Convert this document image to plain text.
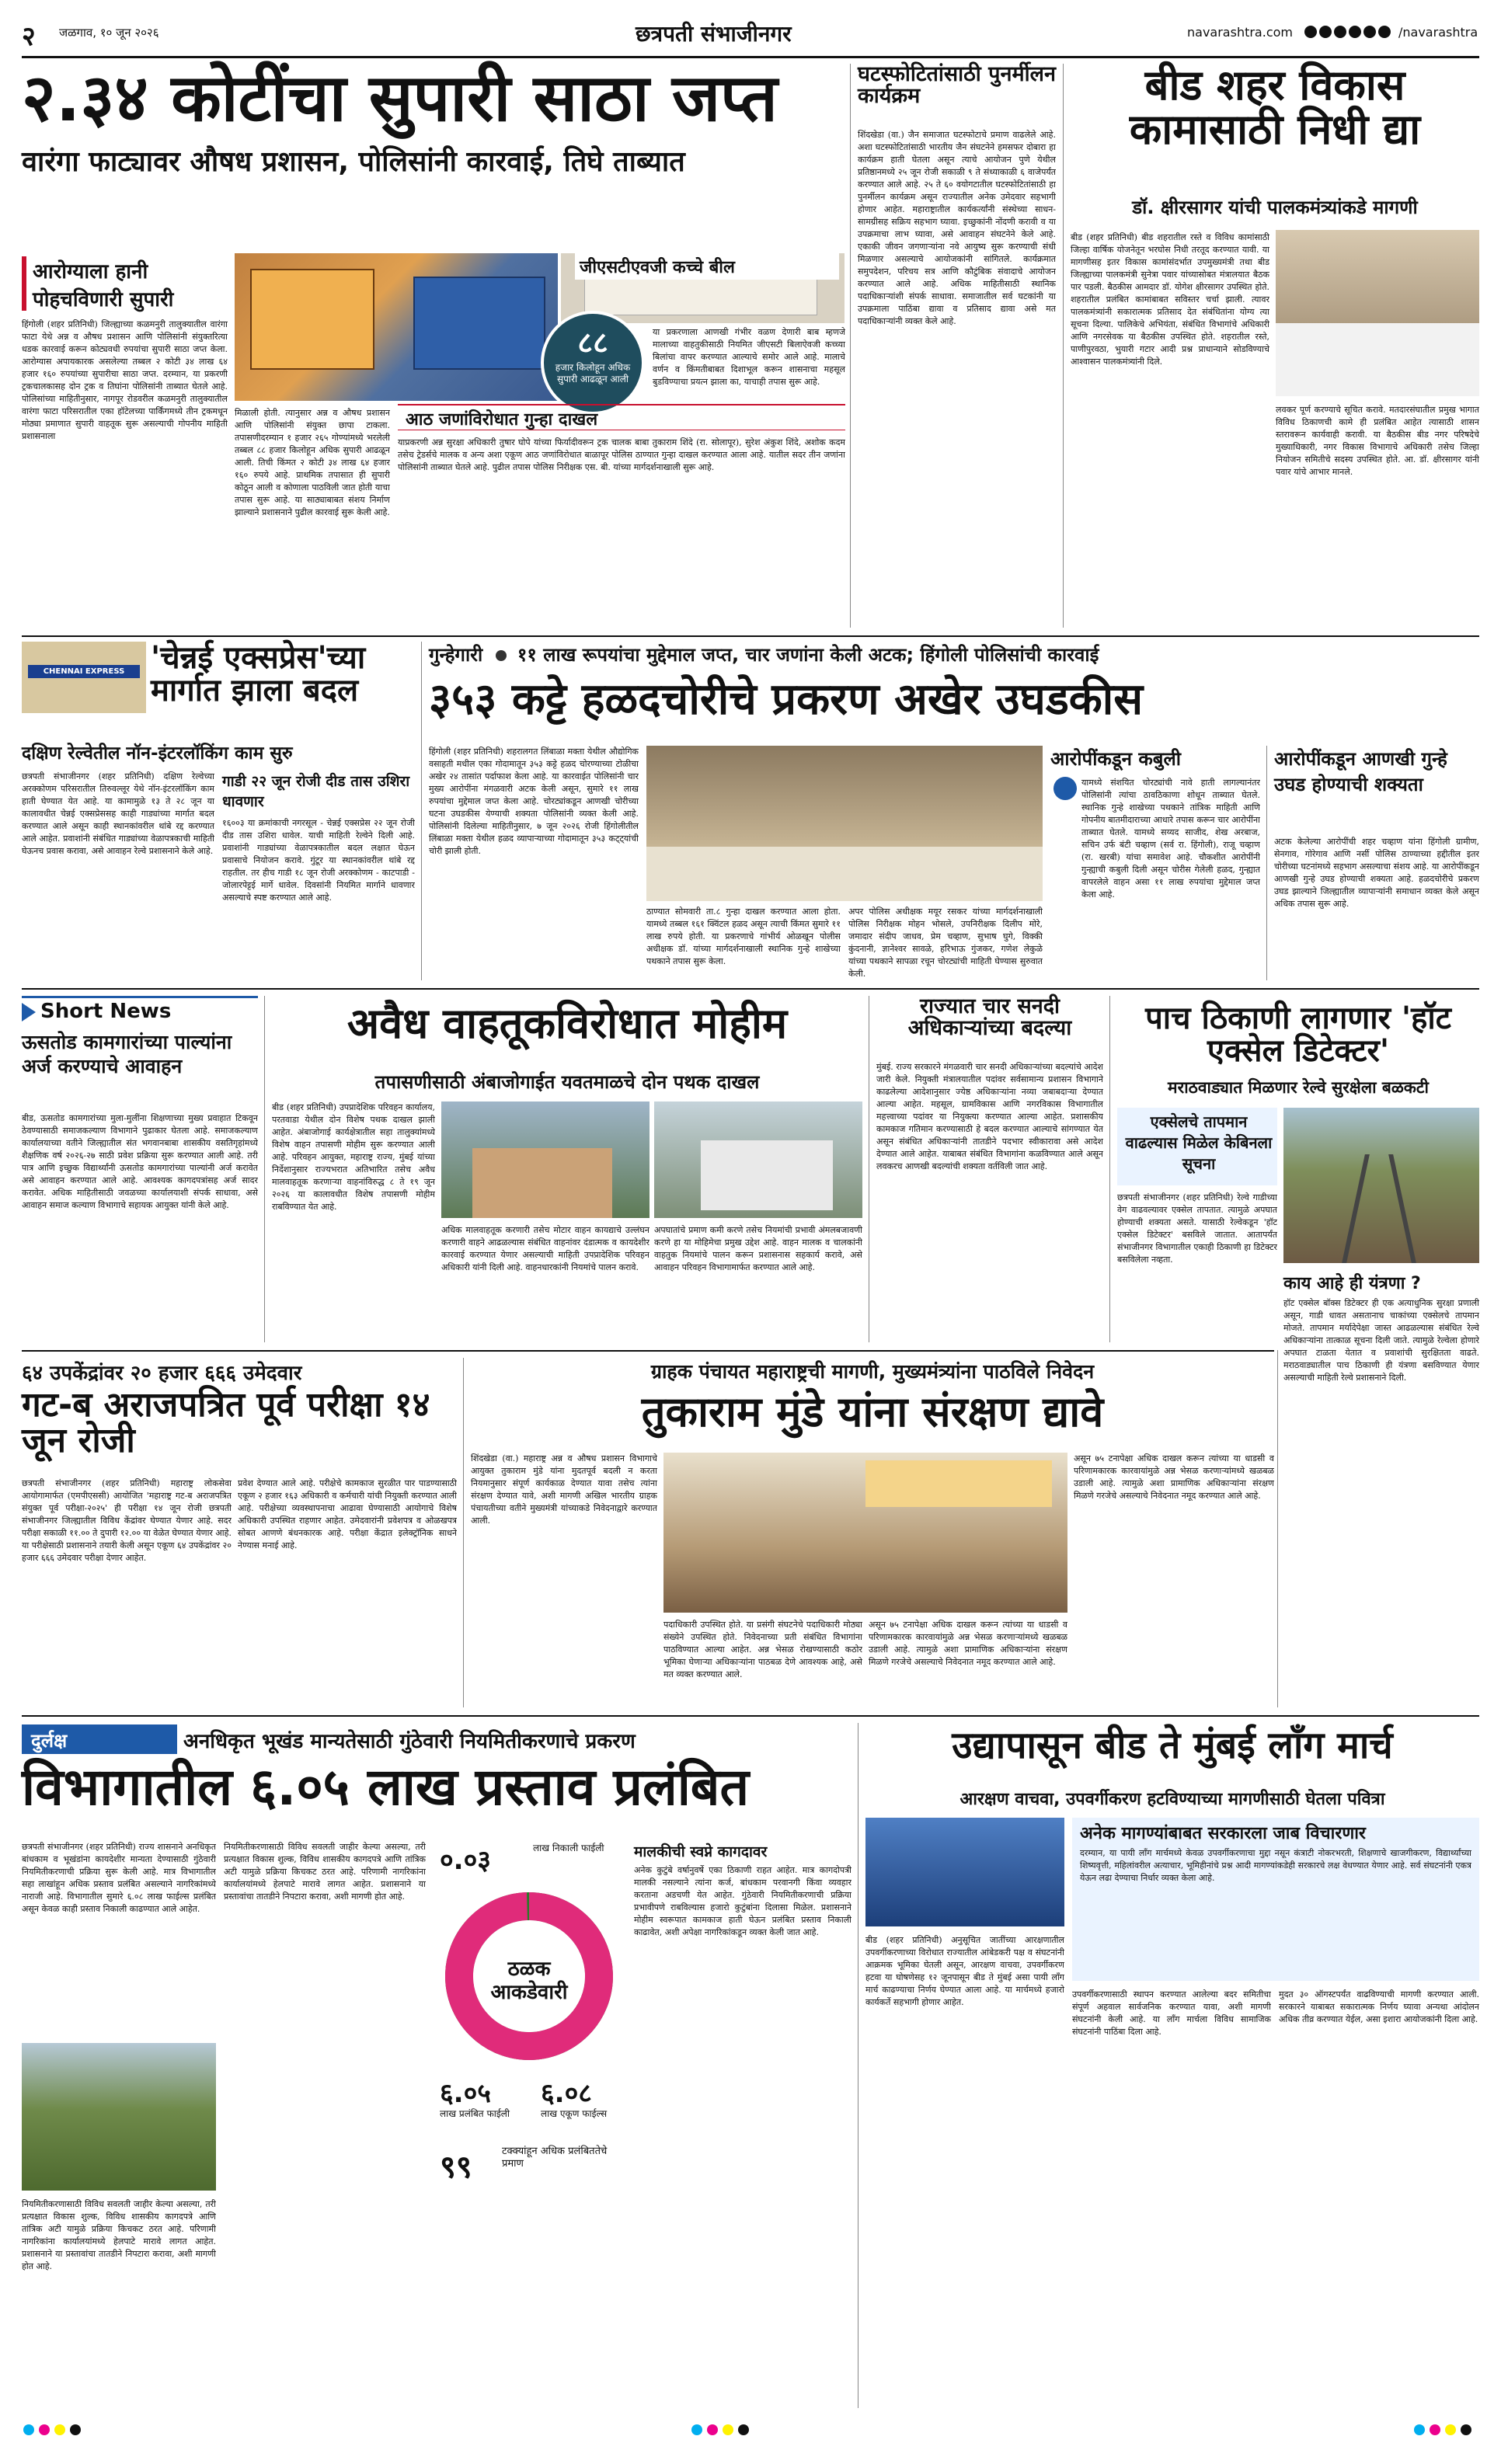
२ जळगाव, १० जून २०२६	छत्रपती संभाजीनगर	navarashtra.com	/navarashtra
२.३४ कोटींचा सुपारी साठा जप्त
वारंगा फाट्यावर औषध प्रशासन, पोलिसांनी कारवाई, तिघे ताब्यात
आरोग्याला हानी
पोहचविणारी सुपारी
हिंगोली (शहर प्रतिनिधी) जिल्ह्याच्या कळमनुरी तालुक्यातील वारंगा फाटा येथे अन्न व औषध प्रशासन आणि पोलिसांनी संयुक्तरित्या धडक कारवाई करून कोट्यवधी रुपयांचा सुपारी साठा जप्त केला. आरोग्यास अपायकारक असलेल्या तब्बल २ कोटी ३४ लाख ६४ हजार १६० रुपयांच्या सुपारीचा साठा जप्त. दरम्यान, या प्रकरणी ट्रकचालकासह दोन ट्रक व तिघांना पोलिसांनी ताब्यात घेतले आहे. पोलिसांच्या माहितीनुसार, नागपूर रोडवरील कळमनुरी तालुक्यातील वारंगा फाटा परिसरातील एका हॉटेलच्या पार्किंगमध्ये तीन ट्रकमधून मोठ्या प्रमाणात सुपारी वाहतूक सुरू असल्याची गोपनीय माहिती प्रशासनाला
जीएसटीएवजी कच्चे बील
८८
हजार किलोहून अधिक सुपारी आढळून आली
मिळाली होती. त्यानुसार अन्न व औषध प्रशासन आणि पोलिसांनी संयुक्त छापा टाकला. तपासणीदरम्यान १ हजार २६५ गोण्यांमध्ये भरलेली तब्बल ८८ हजार किलोहून अधिक सुपारी आढळून आली. तिची किंमत २ कोटी ३४ लाख ६४ हजार १६० रुपये आहे. प्राथमिक तपासात ही सुपारी कोठून आली व कोणाला पाठविली जात होती याचा तपास सुरू आहे. या साठ्याबाबत संशय निर्माण झाल्याने प्रशासनाने पुढील कारवाई सुरू केली आहे.
या प्रकरणाला आणखी गंभीर वळण देणारी बाब म्हणजे मालाच्या वाहतुकीसाठी नियमित जीएसटी बिलाऐवजी कच्च्या बिलांचा वापर करण्यात आल्याचे समोर आले आहे. मालाचे वर्णन व किंमतीबाबत दिशाभूल करून शासनाचा महसूल बुडविण्याचा प्रयत्न झाला का, याचाही तपास सुरू आहे.
आठ जणांविरोधात गुन्हा दाखल
याप्रकरणी अन्न सुरक्षा अधिकारी तुषार घोपे यांच्या फिर्यादीवरून ट्रक चालक बाबा तुकाराम शिंदे (रा. सोलापूर), सुरेश अंकुश शिंदे, अशोक कदम तसेच ट्रेडर्सचे मालक व अन्य अशा एकूण आठ जणांविरोधात बाळापूर पोलिस ठाण्यात गुन्हा दाखल करण्यात आला आहे. यातील सदर तीन जणांना पोलिसांनी ताब्यात घेतले आहे. पुढील तपास पोलिस निरीक्षक एस. बी. यांच्या मार्गदर्शनाखाली सुरू आहे.
घटस्फोटितांसाठी पुनर्मीलन कार्यक्रम
शिंदखेडा (वा.) जैन समाजात घटस्फोटाचे प्रमाण वाढलेले आहे. अशा घटस्फोटितांसाठी भारतीय जैन संघटनेने हमसफर दोबारा हा कार्यक्रम हाती घेतला असून त्याचे आयोजन पुणे येथील प्रतिष्ठानमध्ये २५ जून रोजी सकाळी ९ ते संध्याकाळी ६ वाजेपर्यंत करण्यात आले आहे. २५ ते ६० वयोगटातील घटस्फोटितांसाठी हा पुनर्मीलन कार्यक्रम असून राज्यातील अनेक उमेदवार सहभागी होणार आहेत. महाराष्ट्रातील कार्यकर्त्यांनी संस्थेच्या साधन-सामग्रीसह सक्रिय सहभाग घ्यावा. इच्छुकांनी नोंदणी करावी व या उपक्रमाचा लाभ घ्यावा, असे आवाहन संघटनेने केले आहे. एकाकी जीवन जगणाऱ्यांना नवे आयुष्य सुरू करण्याची संधी मिळणार असल्याचे आयोजकांनी सांगितले. कार्यक्रमात समुपदेशन, परिचय सत्र आणि कौटुंबिक संवादाचे आयोजन करण्यात आले आहे. अधिक माहितीसाठी स्थानिक पदाधिकाऱ्यांशी संपर्क साधावा. समाजातील सर्व घटकांनी या उपक्रमाला पाठिंबा द्यावा व प्रतिसाद द्यावा असे मत पदाधिकाऱ्यांनी व्यक्त केले आहे.
बीड शहर विकास कामासाठी निधी द्या
डॉ. क्षीरसागर यांची पालकमंत्र्यांकडे मागणी
बीड (शहर प्रतिनिधी) बीड शहरातील रस्ते व विविध कामांसाठी जिल्हा वार्षिक योजनेतून भरघोस निधी तरतूद करण्यात यावी. या मागणीसह इतर विकास कामांसंदर्भात उपमुख्यमंत्री तथा बीड जिल्ह्याच्या पालकमंत्री सुनेत्रा पवार यांच्यासोबत मंत्रालयात बैठक पार पडली. बैठकीस आमदार डॉ. योगेश क्षीरसागर उपस्थित होते. शहरातील प्रलंबित कामांबाबत सविस्तर चर्चा झाली. त्यावर पालकमंत्र्यांनी सकारात्मक प्रतिसाद देत संबंधितांना योग्य त्या सूचना दिल्या. पालिकेचे अभियंता, संबंधित विभागांचे अधिकारी आणि नगरसेवक या बैठकीस उपस्थित होते. शहरातील रस्ते, पाणीपुरवठा, भुयारी गटार आदी प्रश्न प्राधान्याने सोडविण्याचे आश्वासन पालकमंत्र्यांनी दिले.
लवकर पूर्ण करण्याचे सूचित करावे. मतदारसंघातील प्रमुख भागात विविध ठिकाणची कामे ही प्रलंबित आहेत त्यासाठी शासन स्तरावरून कार्यवाही करावी. या बैठकीस बीड नगर परिषदेचे मुख्याधिकारी, नगर विकास विभागाचे अधिकारी तसेच जिल्हा नियोजन समितीचे सदस्य उपस्थित होते. आ. डॉ. क्षीरसागर यांनी पवार यांचे आभार मानले.
CHENNAI EXPRESS 'चेन्नई एक्सप्रेस'च्या मार्गात झाला बदल
दक्षिण रेल्वेतील नॉन-इंटरलॉकिंग काम सुरु
छत्रपती संभाजीनगर (शहर प्रतिनिधी) दक्षिण रेल्वेच्या अरक्कोणम परिसरातील तिरुवल्लूर येथे नॉन-इंटरलॉकिंग काम हाती घेण्यात येत आहे. या कामामुळे १३ ते २८ जून या कालावधीत चेन्नई एक्सप्रेससह काही गाड्यांच्या मार्गात बदल करण्यात आले असून काही स्थानकांवरील थांबे रद्द करण्यात आले आहेत. प्रवाशांनी संबंधित गाड्यांच्या वेळापत्रकाची माहिती घेऊनच प्रवास करावा, असे आवाहन रेल्वे प्रशासनाने केले आहे.
गाडी २२ जून रोजी दीड तास उशिरा धावणार
१६००३ या क्रमांकाची नगरसूल - चेन्नई एक्सप्रेस २२ जून रोजी दीड तास उशिरा धावेल. याची माहिती रेल्वेने दिली आहे. प्रवाशांनी गाड्यांच्या वेळापत्रकातील बदल लक्षात घेऊन प्रवासाचे नियोजन करावे. गुंटूर या स्थानकांवरील थांबे रद्द राहतील. तर हीच गाडी १८ जून रोजी अरक्कोणम - काटपाडी - जोलारपेट्टई मार्गे धावेल. दिवसांनी नियमित मार्गाने धावणार असल्याचे स्पष्ट करण्यात आले आहे.
गुन्हेगारी ११ लाख रूपयांचा मुद्देमाल जप्त, चार जणांना केली अटक; हिंगोली पोलिसांची कारवाई
३५३ कट्टे हळदचोरीचे प्रकरण अखेर उघडकीस
हिंगोली (शहर प्रतिनिधी) शहरालगत लिंबाळा मक्ता येथील औद्योगिक वसाहती मधील एका गोदामातून ३५३ कट्टे हळद चोरण्याच्या टोळीचा अखेर २४ तासांत पर्दाफाश केला आहे. या कारवाईत पोलिसांनी चार मुख्य आरोपींना मंगळवारी अटक केली असून, सुमारे ११ लाख रुपयांचा मुद्देमाल जप्त केला आहे. चोरट्यांकडून आणखी चोरीच्या घटना उघडकीस येण्याची शक्यता पोलिसांनी व्यक्त केली आहे. पोलिसांनी दिलेल्या माहितीनुसार, ७ जून २०२६ रोजी हिंगोलीतील लिंबाळा मक्ता येथील हळद व्यापाऱ्याच्या गोदामातून ३५३ कट्ट्यांची चोरी झाली होती.
ठाण्यात सोमवारी ता.८ गुन्हा दाखल करण्यात आला होता. यामध्ये तब्बल १६१ क्विंटल हळद असून त्याची किंमत सुमारे ११ लाख रुपये होती. या प्रकरणाचे गांभीर्य ओळखून पोलीस अधीक्षक डॉ. यांच्या मार्गदर्शनाखाली स्थानिक गुन्हे शाखेच्या पथकाने तपास सुरू केला.
अपर पोलिस अधीक्षक मयूर रसकर यांच्या मार्गदर्शनाखाली पोलिस निरीक्षक मोहन भोसले, उपनिरीक्षक दिलीप मोरे, जमादार संदीप जाधव, प्रेम चव्हाण, सुभाष घुगे, विक्की कुंदनानी, ज्ञानेश्वर सावळे, हरिभाऊ गुंजकर, गणेश लेकुळे यांच्या पथकाने सापळा रचून चोरट्यांची माहिती घेण्यास सुरुवात केली.
आरोपींकडून कबुली
यामध्ये संशयित चोरट्यांची नावे हाती लागल्यानंतर पोलिसांनी त्यांचा ठावठिकाणा शोधून ताब्यात घेतले. स्थानिक गुन्हे शाखेच्या पथकाने तांत्रिक माहिती आणि गोपनीय बातमीदाराच्या आधारे तपास करून चार आरोपींना ताब्यात घेतले. यामध्ये सय्यद साजीद, शेख अरबाज, सचिन उर्फ बंटी चव्हाण (सर्व रा. हिंगोली), राजू चव्हाण (रा. खरबी) यांचा समावेश आहे. चौकशीत आरोपींनी गुन्ह्याची कबुली दिली असून चोरीस गेलेली हळद, गुन्ह्यात वापरलेले वाहन असा ११ लाख रुपयांचा मुद्देमाल जप्त केला आहे.
आरोपींकडून आणखी गुन्हे उघड होण्याची शक्यता
अटक केलेल्या आरोपींची शहर चव्हाण यांना हिंगोली ग्रामीण, सेनगाव, गोरेगाव आणि नर्सी पोलिस ठाण्याच्या हद्दीतील इतर चोरीच्या घटनांमध्ये सहभाग असल्याचा संशय आहे. या आरोपींकडून आणखी गुन्हे उघड होण्याची शक्यता आहे. हळदचोरीचे प्रकरण उघड झाल्याने जिल्ह्यातील व्यापाऱ्यांनी समाधान व्यक्त केले असून अधिक तपास सुरू आहे.
Short News
ऊसतोड कामगारांच्या पाल्यांना अर्ज करण्याचे आवाहन
बीड, ऊसतोड कामगारांच्या मुला-मुलींना शिक्षणाच्या मुख्य प्रवाहात टिकवून ठेवण्यासाठी समाजकल्याण विभागाने पुढाकार घेतला आहे. समाजकल्याण कार्यालयाच्या वतीने जिल्ह्यातील संत भगवानबाबा शासकीय वसतिगृहांमध्ये शैक्षणिक वर्ष २०२६-२७ साठी प्रवेश प्रक्रिया सुरू करण्यात आली आहे. तरी पात्र आणि इच्छुक विद्यार्थ्यांनी ऊसतोड कामगारांच्या पाल्यांनी अर्ज करावेत असे आवाहन करण्यात आले आहे. आवश्यक कागदपत्रांसह अर्ज सादर करावेत. अधिक माहितीसाठी जवळच्या कार्यालयाशी संपर्क साधावा, असे आवाहन समाज कल्याण विभागाचे सहायक आयुक्त यांनी केले आहे.
अवैध वाहतूकविरोधात मोहीम
तपासणीसाठी अंबाजोगाईत यवतमाळचे दोन पथक दाखल
बीड (शहर प्रतिनिधी) उपप्रादेशिक परिवहन कार्यालय, परतवाडा येथील दोन विशेष पथक दाखल झाली आहेत. अंबाजोगाई कार्यक्षेत्रातील सहा तालुक्यांमध्ये विशेष वाहन तपासणी मोहीम सुरू करण्यात आली आहे. परिवहन आयुक्त, महाराष्ट्र राज्य, मुंबई यांच्या निर्देशानुसार राज्यभरात अतिभारित तसेच अवैध मालवाहतूक करणाऱ्या वाहनांविरुद्ध ८ ते १९ जून २०२६ या कालावधीत विशेष तपासणी मोहीम राबविण्यात येत आहे.
अधिक मालवाहतूक करणारी तसेच मोटार वाहन कायद्याचे उल्लंघन करणारी वाहने आढळल्यास संबंधित वाहनांवर दंडात्मक व कायदेशीर कारवाई करण्यात येणार असल्याची माहिती उपप्रादेशिक परिवहन अधिकारी यांनी दिली आहे. वाहनधारकांनी नियमांचे पालन करावे.
अपघातांचे प्रमाण कमी करणे तसेच नियमांची प्रभावी अंमलबजावणी करणे हा या मोहिमेचा प्रमुख उद्देश आहे. वाहन मालक व चालकांनी वाहतुक नियमांचे पालन करून प्रशासनास सहकार्य करावे, असे आवाहन परिवहन विभागामार्फत करण्यात आले आहे.
राज्यात चार सनदी अधिकाऱ्यांच्या बदल्या
मुंबई. राज्य सरकारने मंगळवारी चार सनदी अधिकाऱ्यांच्या बदल्यांचे आदेश जारी केले. नियुक्ती मंत्रालयातील पदांवर सर्वसामान्य प्रशासन विभागाने काढलेल्या आदेशानुसार ज्येष्ठ अधिकाऱ्यांना नव्या जबाबदाऱ्या देण्यात आल्या आहेत. महसूल, ग्रामविकास आणि नगरविकास विभागातील महत्त्वाच्या पदांवर या नियुक्त्या करण्यात आल्या आहेत. प्रशासकीय कामकाज गतिमान करण्यासाठी हे बदल करण्यात आल्याचे सांगण्यात येत असून संबंधित अधिकाऱ्यांनी तातडीने पदभार स्वीकारावा असे आदेश देण्यात आले आहेत. याबाबत संबंधित विभागांना कळविण्यात आले असून लवकरच आणखी बदल्यांची शक्यता वर्तविली जात आहे.
पाच ठिकाणी लागणार 'हॉट एक्सेल डिटेक्टर'
मराठवाड्यात मिळणार रेल्वे सुरक्षेला बळकटी
एक्सेलचे तापमान वाढल्यास मिळेल केबिनला सूचना
छत्रपती संभाजीनगर (शहर प्रतिनिधी) रेल्वे गाडीच्या वेग वाढवल्यावर एक्सेल तापतात. त्यामुळे अपघात होण्याची शक्यता असते. यासाठी रेल्वेकडून 'हॉट एक्सेल डिटेक्टर' बसविले जातात. आतापर्यंत संभाजीनगर विभागातील एकाही ठिकाणी हा डिटेक्टर बसविलेला नव्हता.
काय आहे ही यंत्रणा ?
हॉट एक्सेल बॉक्स डिटेक्टर ही एक अत्याधुनिक सुरक्षा प्रणाली असून, गाडी धावत असतानाच चाकांच्या एक्सेलचे तापमान मोजते. तापमान मर्यादेपेक्षा जास्त आढळल्यास संबंधित रेल्वे अधिकाऱ्यांना तात्काळ सूचना दिली जाते. त्यामुळे रेल्वेला होणारे अपघात टाळता येतात व प्रवाशांची सुरक्षितता वाढते. मराठवाड्यातील पाच ठिकाणी ही यंत्रणा बसविण्यात येणार असल्याची माहिती रेल्वे प्रशासनाने दिली.
६४ उपकेंद्रांवर २० हजार ६६६ उमेदवार
गट-ब अराजपत्रित पूर्व परीक्षा १४ जून रोजी
छत्रपती संभाजीनगर (शहर प्रतिनिधी) महाराष्ट्र लोकसेवा आयोगामार्फत (एमपीएससी) आयोजित 'महाराष्ट्र गट-ब अराजपत्रित संयुक्त पूर्व परीक्षा-२०२५' ही परीक्षा १४ जून रोजी छत्रपती संभाजीनगर जिल्ह्यातील विविध केंद्रांवर घेण्यात येणार आहे. सदर परीक्षा सकाळी ११.०० ते दुपारी १२.०० या वेळेत घेण्यात येणार आहे. या परीक्षेसाठी प्रशासनाने तयारी केली असून एकूण ६४ उपकेंद्रांवर २० हजार ६६६ उमेदवार परीक्षा देणार आहेत.
प्रवेश देण्यात आले आहे. परीक्षेचे कामकाज सुरळीत पार पाडण्यासाठी एकूण २ हजार १६३ अधिकारी व कर्मचारी यांची नियुक्ती करण्यात आली आहे. परीक्षेच्या व्यवस्थापनाचा आढावा घेण्यासाठी आयोगाचे विशेष अधिकारी उपस्थित राहणार आहेत. उमेदवारांनी प्रवेशपत्र व ओळखपत्र सोबत आणणे बंधनकारक आहे. परीक्षा केंद्रात इलेक्ट्रॉनिक साधने नेण्यास मनाई आहे.
ग्राहक पंचायत महाराष्ट्रची मागणी, मुख्यमंत्र्यांना पाठविले निवेदन
तुकाराम मुंडे यांना संरक्षण द्यावे
शिंदखेडा (वा.) महाराष्ट्र अन्न व औषध प्रशासन विभागाचे आयुक्त तुकाराम मुंडे यांना मुदतपूर्व बदली न करता नियमानुसार संपूर्ण कार्यकाळ देण्यात यावा तसेच त्यांना संरक्षण देण्यात यावे, अशी मागणी अखिल भारतीय ग्राहक पंचायतीच्या वतीने मुख्यमंत्री यांच्याकडे निवेदनाद्वारे करण्यात आली.
पदाधिकारी उपस्थित होते. या प्रसंगी संघटनेचे पदाधिकारी मोठ्या संख्येने उपस्थित होते. निवेदनाच्या प्रती संबंधित विभागांना पाठविण्यात आल्या आहेत. अन्न भेसळ रोखण्यासाठी कठोर भूमिका घेणाऱ्या अधिकाऱ्यांना पाठबळ देणे आवश्यक आहे, असे मत व्यक्त करण्यात आले.
असून ७५ टनापेक्षा अधिक दाखल करून त्यांच्या या धाडसी व परिणामकारक कारवायांमुळे अन्न भेसळ करणाऱ्यांमध्ये खळबळ उडाली आहे. त्यामुळे अशा प्रामाणिक अधिकाऱ्यांना संरक्षण मिळणे गरजेचे असल्याचे निवेदनात नमूद करण्यात आले आहे.
असून ७५ टनापेक्षा अधिक दाखल करून त्यांच्या या धाडसी व परिणामकारक कारवायांमुळे अन्न भेसळ करणाऱ्यांमध्ये खळबळ उडाली आहे. त्यामुळे अशा प्रामाणिक अधिकाऱ्यांना संरक्षण मिळणे गरजेचे असल्याचे निवेदनात नमूद करण्यात आले आहे.
दुर्लक्ष	अनधिकृत भूखंड मान्यतेसाठी गुंठेवारी नियमितीकरणाचे प्रकरण
विभागातील ६.०५ लाख प्रस्ताव प्रलंबित
छत्रपती संभाजीनगर (शहर प्रतिनिधी) राज्य शासनाने अनधिकृत बांधकाम व भूखंडांना कायदेशीर मान्यता देण्यासाठी गुंठेवारी नियमितीकरणाची प्रक्रिया सुरू केली आहे. मात्र विभागातील सहा लाखांहून अधिक प्रस्ताव प्रलंबित असल्याने नागरिकांमध्ये नाराजी आहे. विभागातील सुमारे ६.०८ लाख फाईल्स प्रलंबित असून केवळ काही प्रस्ताव निकाली काढण्यात आले आहेत.
नियमितीकरणासाठी विविध सवलती जाहीर केल्या असल्या, तरी प्रत्यक्षात विकास शुल्क, विविध शासकीय कागदपत्रे आणि तांत्रिक अटी यामुळे प्रक्रिया किचकट ठरत आहे. परिणामी नागरिकांना कार्यालयांमध्ये हेलपाटे मारावे लागत आहेत. प्रशासनाने या प्रस्तावांचा तातडीने निपटारा करावा, अशी मागणी होत आहे.
नियमितीकरणासाठी विविध सवलती जाहीर केल्या असल्या, तरी प्रत्यक्षात विकास शुल्क, विविध शासकीय कागदपत्रे आणि तांत्रिक अटी यामुळे प्रक्रिया किचकट ठरत आहे. परिणामी नागरिकांना कार्यालयांमध्ये हेलपाटे मारावे लागत आहेत. प्रशासनाने या प्रस्तावांचा तातडीने निपटारा करावा, अशी मागणी होत आहे.
०.०३	लाख निकाली फाईली
ठळक आकडेवारी
६.०५
लाख प्रलंबित फाईली
६.०८
लाख एकूण फाईल्स
९९	टक्क्यांहून अधिक प्रलंबिततेचे प्रमाण
मालकीची स्वप्ने कागदावर
अनेक कुटुंबे वर्षानुवर्षे एका ठिकाणी राहत आहेत. मात्र कागदोपत्री मालकी नसल्याने त्यांना कर्ज, बांधकाम परवानगी किंवा व्यवहार करताना अडचणी येत आहेत. गुंठेवारी नियमितीकरणाची प्रक्रिया प्रभावीपणे राबविल्यास हजारो कुटुंबांना दिलासा मिळेल. प्रशासनाने मोहीम स्वरूपात कामकाज हाती घेऊन प्रलंबित प्रस्ताव निकाली काढावेत, अशी अपेक्षा नागरिकांकडून व्यक्त केली जात आहे.
उद्यापासून बीड ते मुंबई लाँग मार्च
आरक्षण वाचवा, उपवर्गीकरण हटविण्याच्या मागणीसाठी घेतला पवित्रा
बीड (शहर प्रतिनिधी) अनुसूचित जातींच्या आरक्षणातील उपवर्गीकरणाच्या विरोधात राज्यातील आंबेडकरी पक्ष व संघटनांनी आक्रमक भूमिका घेतली असून, आरक्षण वाचवा, उपवर्गीकरण हटवा या घोषणेसह १२ जूनपासून बीड ते मुंबई असा पायी लाँग मार्च काढण्याचा निर्णय घेण्यात आला आहे. या मार्चमध्ये हजारो कार्यकर्ते सहभागी होणार आहेत.
अनेक मागण्यांबाबत सरकारला जाब विचारणार
दरम्यान, या पायी लाँग मार्चमध्ये केवळ उपवर्गीकरणाचा मुद्दा नसून कंत्राटी नोकरभरती, शिक्षणाचे खाजगीकरण, विद्यार्थ्यांच्या शिष्यवृत्ती, महिलांवरील अत्याचार, भूमिहीनांचे प्रश्न आदी मागण्यांकडेही सरकारचे लक्ष वेधण्यात येणार आहे. सर्व संघटनांनी एकत्र येऊन लढा देण्याचा निर्धार व्यक्त केला आहे.
उपवर्गीकरणासाठी स्थापन करण्यात आलेल्या बदर समितीचा संपूर्ण अहवाल सार्वजनिक करण्यात यावा, अशी मागणी संघटनांनी केली आहे. या लाँग मार्चला विविध सामाजिक संघटनांनी पाठिंबा दिला आहे.
मुदत ३० ऑगस्टपर्यंत वाढविण्याची मागणी करण्यात आली. सरकारने याबाबत सकारात्मक निर्णय घ्यावा अन्यथा आंदोलन अधिक तीव्र करण्यात येईल, असा इशारा आयोजकांनी दिला आहे.
